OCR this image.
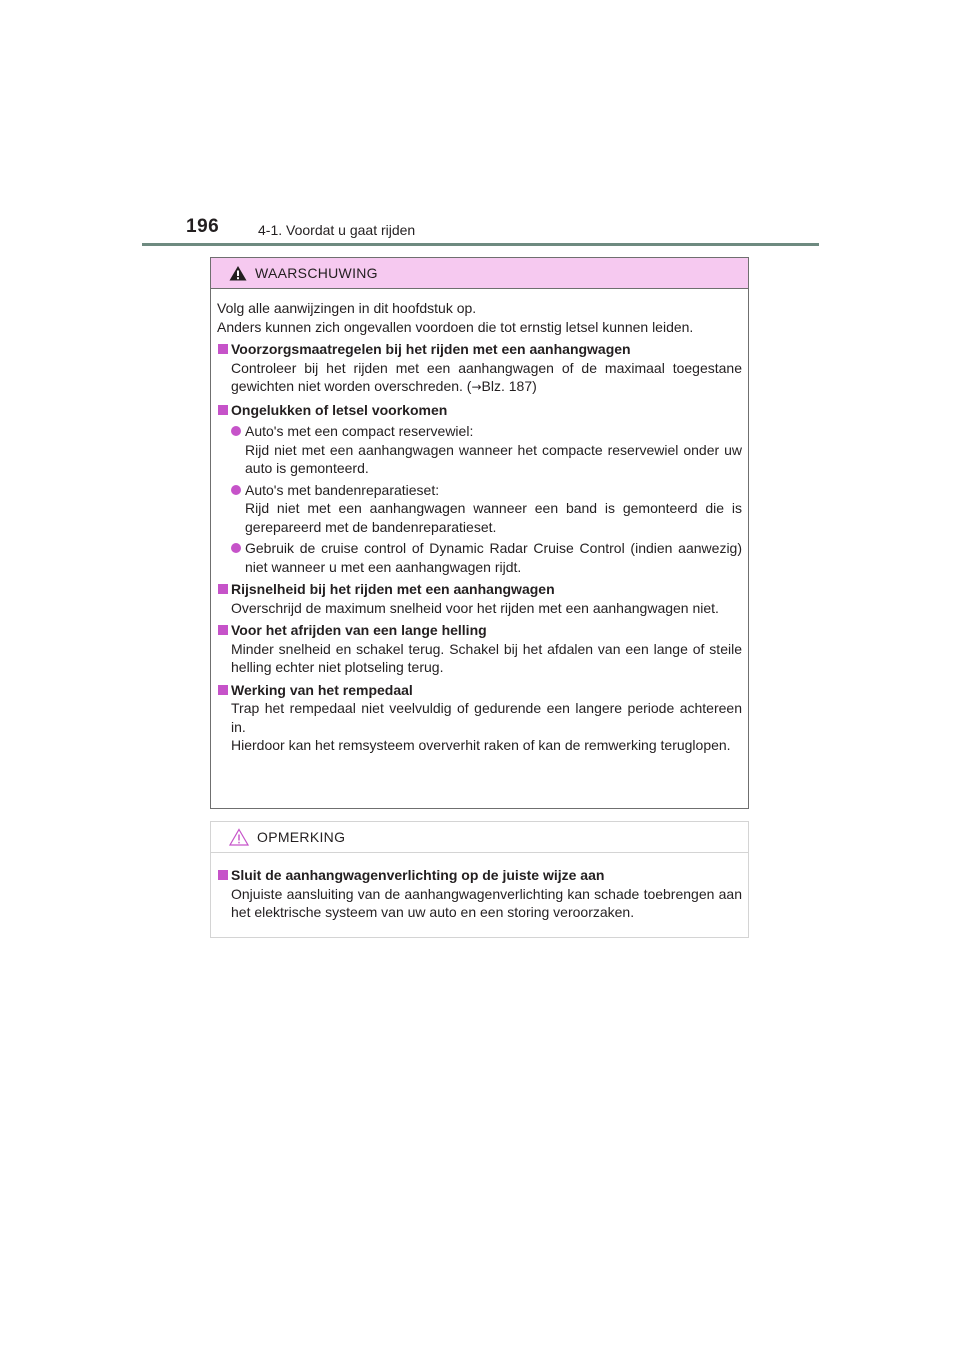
196	4-1. Voordat u gaat rijden
WAARSCHUWING

Volg alle aanwijzingen in dit hoofdstuk op.
Anders kunnen zich ongevallen voordoen die tot ernstig letsel kunnen leiden.

Voorzorgsmaatregelen bij het rijden met een aanhangwagen
Controleer bij het rijden met een aanhangwagen of de maximaal toegestane gewichten niet worden overschreden. (→Blz. 187)
Ongelukken of letsel voorkomen
Auto's met een compact reservewiel:
Rijd niet met een aanhangwagen wanneer het compacte reservewiel onder uw auto is gemonteerd.
Auto's met bandenreparatieset:
Rijd niet met een aanhangwagen wanneer een band is gemonteerd die is gerepareerd met de bandenreparatieset.
Gebruik de cruise control of Dynamic Radar Cruise Control (indien aanwezig) niet wanneer u met een aanhangwagen rijdt.
Rijsnelheid bij het rijden met een aanhangwagen
Overschrijd de maximum snelheid voor het rijden met een aanhangwagen niet.
Voor het afrijden van een lange helling
Minder snelheid en schakel terug. Schakel bij het afdalen van een lange of steile helling echter niet plotseling terug.
Werking van het rempedaal
Trap het rempedaal niet veelvuldig of gedurende een langere periode achtereen in.
Hierdoor kan het remsysteem oververhit raken of kan de remwerking teruglopen.
OPMERKING
Sluit de aanhangwagenverlichting op de juiste wijze aan
Onjuiste aansluiting van de aanhangwagenverlichting kan schade toebrengen aan het elektrische systeem van uw auto en een storing veroorzaken.
